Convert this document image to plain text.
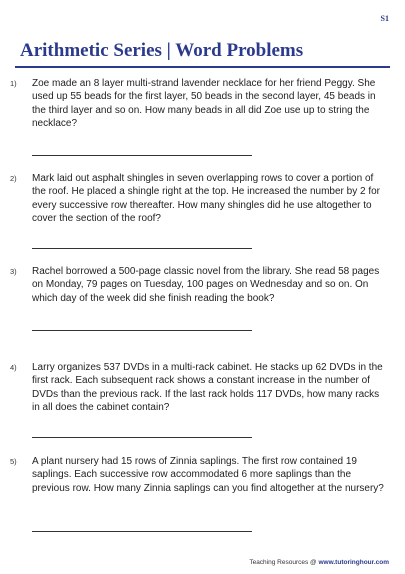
S1
Arithmetic Series | Word Problems
1) Zoe made an 8 layer multi-strand lavender necklace for her friend Peggy. She used up 55 beads for the first layer, 50 beads in the second layer, 45 beads in the third layer and so on. How many beads in all did Zoe use up to string the necklace?
2) Mark laid out asphalt shingles in seven overlapping rows to cover a portion of the roof. He placed a shingle right at the top. He increased the number by 2 for every successive row thereafter. How many shingles did he use altogether to cover the section of the roof?
3) Rachel borrowed a 500-page classic novel from the library. She read 58 pages on Monday, 79 pages on Tuesday, 100 pages on Wednesday and so on. On which day of the week did she finish reading the book?
4) Larry organizes 537 DVDs in a multi-rack cabinet. He stacks up 62 DVDs in the first rack. Each subsequent rack shows a constant increase in the number of DVDs than the previous rack. If the last rack holds 117 DVDs, how many racks in all does the cabinet contain?
5) A plant nursery had 15 rows of Zinnia saplings. The first row contained 19 saplings. Each successive row accommodated 6 more saplings than the previous row. How many Zinnia saplings can you find altogether at the nursery?
Teaching Resources @ www.tutoringhour.com
